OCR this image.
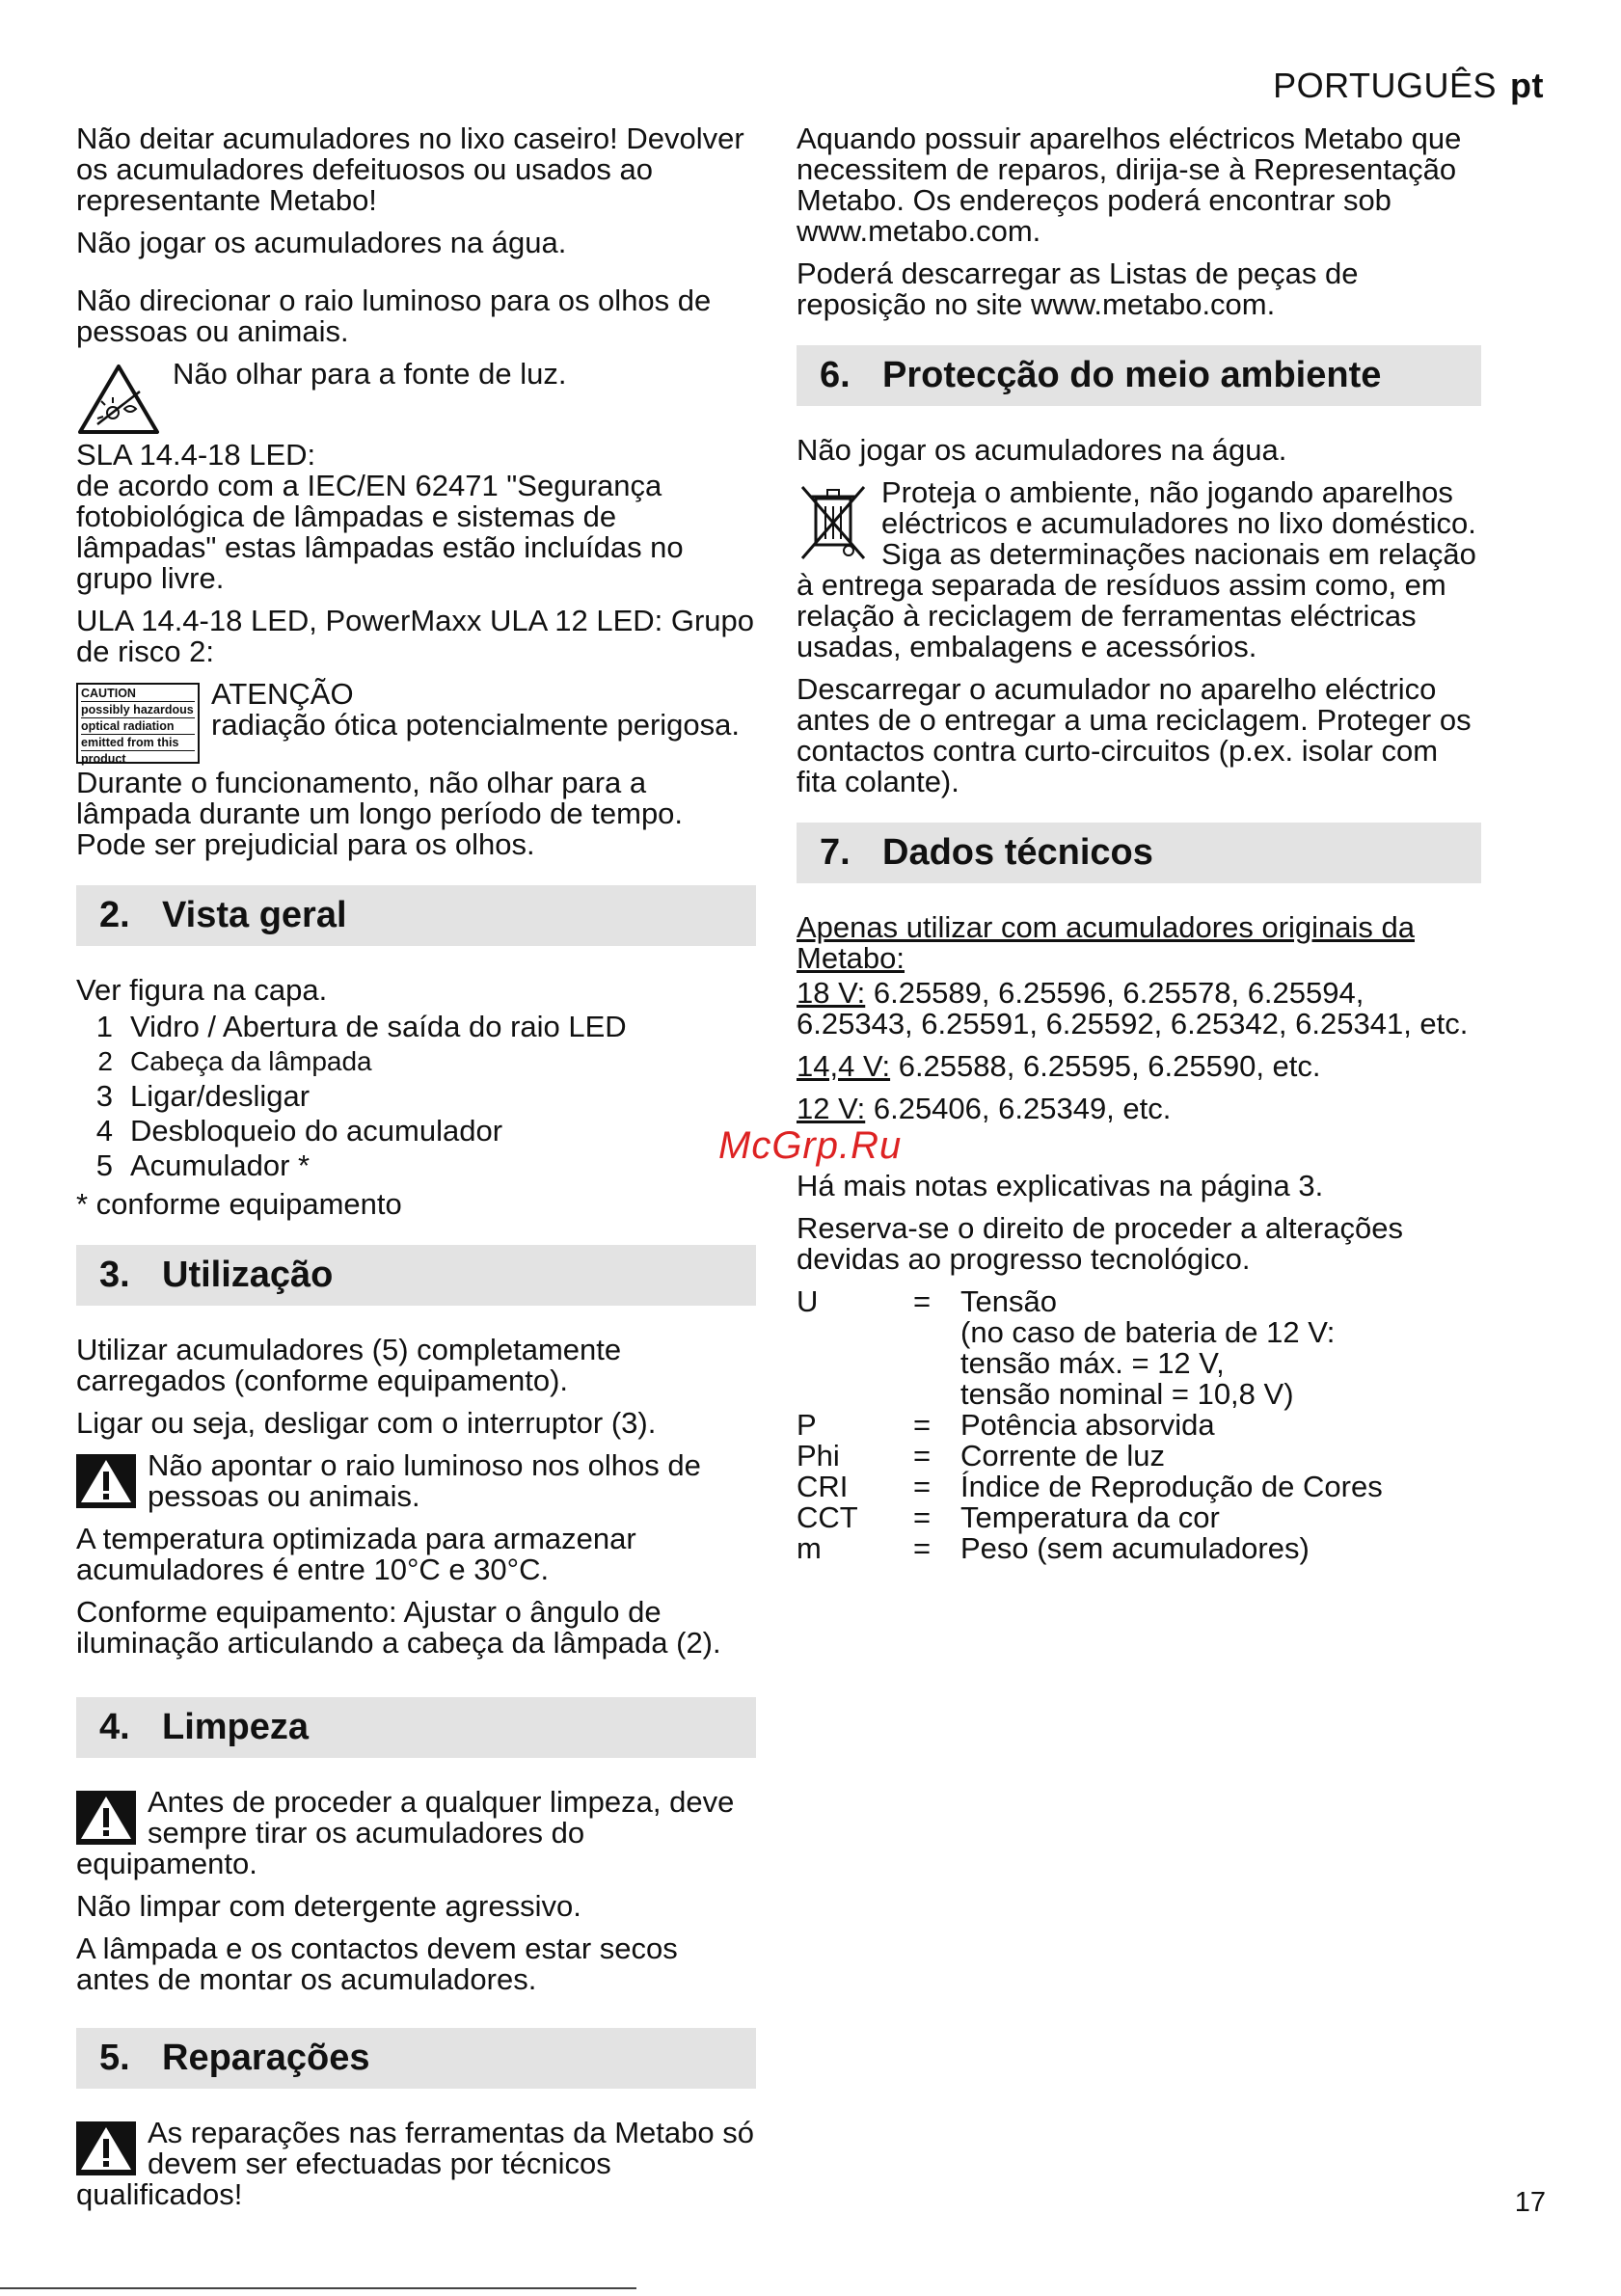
PORTUGUÊS pt

Não deitar acumuladores no lixo caseiro! Devolver os acumuladores defeituosos ou usados ao representante Metabo!

Não jogar os acumuladores na água.

Não direcionar o raio luminoso para os olhos de pessoas ou animais.

Não olhar para a fonte de luz.

SLA 14.4-18 LED:

de acordo com a IEC/EN 62471 "Segurança fotobiológica de lâmpadas e sistemas de lâmpadas" estas lâmpadas estão incluídas no grupo livre.

ULA 14.4-18 LED, PowerMaxx ULA 12 LED: Grupo de risco 2:

CAUTION
possibly hazardous
optical radiation
emitted from this
product

ATENÇÃO

radiação ótica potencialmente perigosa.

Durante o funcionamento, não olhar para a lâmpada durante um longo período de tempo. Pode ser prejudicial para os olhos.

2. Vista geral

Ver figura na capa.

1 Vidro / Abertura de saída do raio LED
2 Cabeça da lâmpada
3 Ligar/desligar
4 Desbloqueio do acumulador
5 Acumulador *

* conforme equipamento

3. Utilização

Utilizar acumuladores (5) completamente carregados (conforme equipamento).

Ligar ou seja, desligar com o interruptor (3).

Não apontar o raio luminoso nos olhos de pessoas ou animais.

A temperatura optimizada para armazenar acumuladores é entre 10°C e 30°C.

Conforme equipamento: Ajustar o ângulo de iluminação articulando a cabeça da lâmpada (2).

4. Limpeza

Antes de proceder a qualquer limpeza, deve sempre tirar os acumuladores do equipamento.

Não limpar com detergente agressivo.

A lâmpada e os contactos devem estar secos antes de montar os acumuladores.

5. Reparações

As reparações nas ferramentas da Metabo só devem ser efectuadas por técnicos qualificados!

Aquando possuir aparelhos eléctricos Metabo que necessitem de reparos, dirija-se à Representação Metabo. Os endereços poderá encontrar sob www.metabo.com.

Poderá descarregar as Listas de peças de reposição no site www.metabo.com.

6. Protecção do meio ambiente

Não jogar os acumuladores na água.

Proteja o ambiente, não jogando aparelhos eléctricos e acumuladores no lixo doméstico. Siga as determinações nacionais em relação à entrega separada de resíduos assim como, em relação à reciclagem de ferramentas eléctricas usadas, embalagens e acessórios.

Descarregar o acumulador no aparelho eléctrico antes de o entregar a uma reciclagem. Proteger os contactos contra curto-circuitos (p.ex. isolar com fita colante).

7. Dados técnicos

Apenas utilizar com acumuladores originais da Metabo:

18 V: 6.25589, 6.25596, 6.25578, 6.25594, 6.25343, 6.25591, 6.25592, 6.25342, 6.25341, etc.

14,4 V: 6.25588, 6.25595, 6.25590, etc.

12 V: 6.25406, 6.25349, etc.

Há mais notas explicativas na página 3.

Reserva-se o direito de proceder a alterações devidas ao progresso tecnológico.

U	= Tensão
(no caso de bateria de 12 V:
tensão máx. = 12 V,
tensão nominal = 10,8 V)
P	= Potência absorvida
Phi	= Corrente de luz
CRI	= Índice de Reprodução de Cores
CCT	= Temperatura da cor
m	= Peso (sem acumuladores)
McGrp.Ru
17
